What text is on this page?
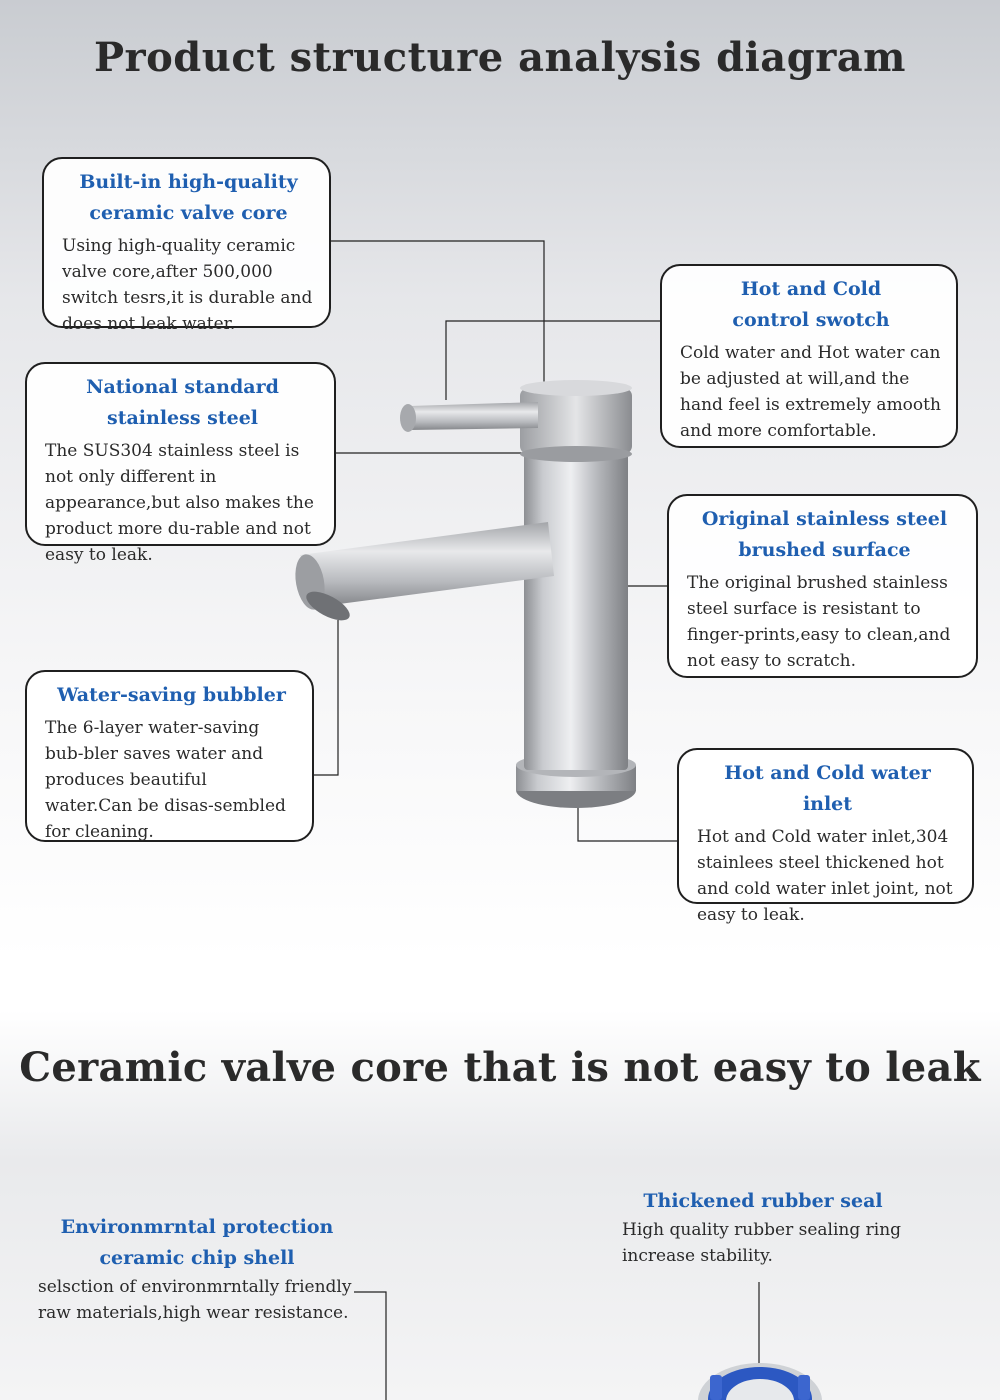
Product structure analysis diagram
Built-in high-quality
ceramic valve core

Using high-quality ceramic valve core,after 500,000 switch tesrs,it is durable and does not leak water.

Hot and Cold
control swotch

Cold water and Hot water can be adjusted at will,and the hand feel is extremely amooth and more comfortable.

National standard
stainless steel

The SUS304 stainless steel is not only different in appearance,but also makes the product more du-rable and not easy to leak.

Original stainless steel
brushed surface

The original brushed stainless steel surface is resistant to finger-prints,easy to clean,and not easy to scratch.

Water-saving bubbler

The 6-layer water-saving bub-bler saves water and produces beautiful water.Can be disas-sembled for cleaning.

Hot and Cold water inlet

Hot and Cold water inlet,304 stainlees steel thickened hot and cold water inlet joint, not easy to leak.

Ceramic valve core that is not easy to leak
Environmrntal protection
ceramic chip shell

selsction of environmrntally friendly raw materials,high wear resistance.

Thickened rubber seal

High quality rubber sealing ring increase stability.
